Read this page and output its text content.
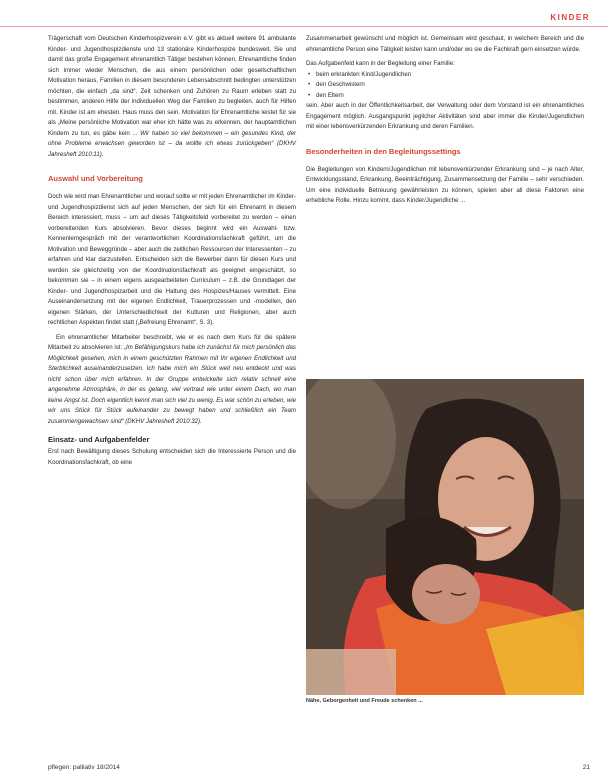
KINDER

Trägerschaft vom Deutschen Kinderhospizverein e.V. gibt es aktuell weitere 91 ambulante Kinder- und Jugendhospizdienste und 13 stationäre Kinderhospize bundesweit. Sie und damit das große Engagement ehrenamtlich Tätiger bestehen können. Ehrenamtliche finden sich immer wieder Menschen, die aus einem persönlichen oder gesellschaftlichen Motivation heraus, Familien in diesem besonderen Lebensabschnitt bedingten unterstützen möchten, die einfach „da sind“. Zeit schenken und Zuhören zu Raum erleben statt zu bestimmen, anderen Hilfe der individuellen Weg der Familien zu begleiten. auch für Hilfen mit. Kinder ist am ehesten. Haus muss den sein. Motivation für Ehrenamtliche leistet für sie als „Meine persönliche Motivation war eher ich hätte was zu erkennen, der hauptamtlichen Kindern zu tun, es gäbe kein ... Wir haben so viel bekommen – ein gesundes Kind, der ohne Probleme erwachsen geworden ist – da wollte ich etwas zurückgeben“ (DKHV Jahresheft 2010:11).

Auswahl und Vorbereitung

Doch wie wird man Ehrenamtlicher und worauf sollte er mit jeden Ehrenamtlicher im Kinder- und Jugendhospizdienst sich auf jeden Menschen, der sich für ein Ehrenamt in diesem Bereich interessiert, muss – um auf dieses Tätigkeitsfeld vorbereitet zu werden – einen vorbereitenden Kurs absolvieren. Bevor dieses beginnt wird ein Auswahl- bzw. Kennenlerngespräch mit der verantwortlichen Koordinationsfachkraft geführt, um die Motivation und Beweggründe – aber auch die zeitlichen Ressourcen der Interessenten – zu erfahren und klar darzustellen. Entscheiden sich die Bewerber dann für diesen Kurs und werden sie gleichzeitig von der Koordinationsfachkraft als geeignet eingeschätzt, so bekommen sie – in einem eigens ausgearbeiteten Curriculum – z.B. die Grundlagen der Kinder- und Jugendhospizarbeit und die Haltung des Hospizes/Hauses vermittelt. Eine Auseinandersetzung mit der eigenen Endlichkeit, Trauerprozessen und -modellen, den eigenen Stärken, der Unterschiedlichkeit der Kulturen und Religionen, aber auch rechtlichen Aspekten findet statt („Befreiung Ehrenamt“, S. 3).

Ein ehrenamtlicher Mitarbeiter beschreibt, wie er es nach dem Kurs für die spätere Mitarbeit zu absolvieren ist: „Im Befähigungskurs habe ich zunächst für mich persönlich das Möglichkeit gesehen, mich in einem geschützten Rahmen mit Ihr eigenen Endlichkeit und Sterblichkeit auseinanderzusetzen. Ich habe mich ein Stück weit neu entdeckt und was nicht schon über mich erfahren. In der Gruppe entwickelte sich relativ schnell eine angenehme Atmosphäre, in der es gelang, viel vertraut wie unter einem Dach, wo man keine Angst ist. Doch eigentlich kennt man sich viel zu wenig. Es war schön zu erleben, wie wir uns Stück für Stück aufeinander zu bewegt haben und schließlich ein Team zusammengewachsen sind“ (DKHV Jahresheft 2010:32).

Einsatz- und Aufgabenfelder

Erst nach Bewältigung dieses Schulung entscheiden sich die Interessierte Person und die Koordinationsfachkraft, ob eine

Zusammenarbeit gewünscht und möglich ist. Gemeinsam wird geschaut, in welchem Bereich und die ehrenamtliche Person eine Tätigkeit leisten kann und/oder wo sie die Fachkraft gern einsetzen würde.

Das Aufgabenfeld kann in der Begleitung einer Familie:

• beim erkrankten Kind/Jugendlichen
• den Geschwistern
• den Eltern

sein. Aber auch in der Öffentlichkeitsarbeit, der Verwaltung oder dem Vorstand ist ein ehrenamtliches Engagement möglich. Ausgangspunkt jeglicher Aktivitäten sind aber immer die Kinder/Jugendlichen mit einer lebensverkürzenden Erkrankung und deren Familien.

Besonderheiten in den Begleitungssettings

Die Begleitungen von Kindern/Jugendlichen mit lebensverkürzender Erkrankung sind – je nach Alter, Entwicklungsstand, Erkrankung, Beeinträchtigung, Zusammensetzung der Familie – sehr verschieden. Um eine individuelle Betreuung gewährleisten zu können, spielen aber all diese Faktoren eine erhebliche Rolle. Hinzu kommt, dass Kinder/Jugendliche ...

Nähe, Geborgenheit und Freude schenken ...
pflegen: palliativ 18/2014	21
